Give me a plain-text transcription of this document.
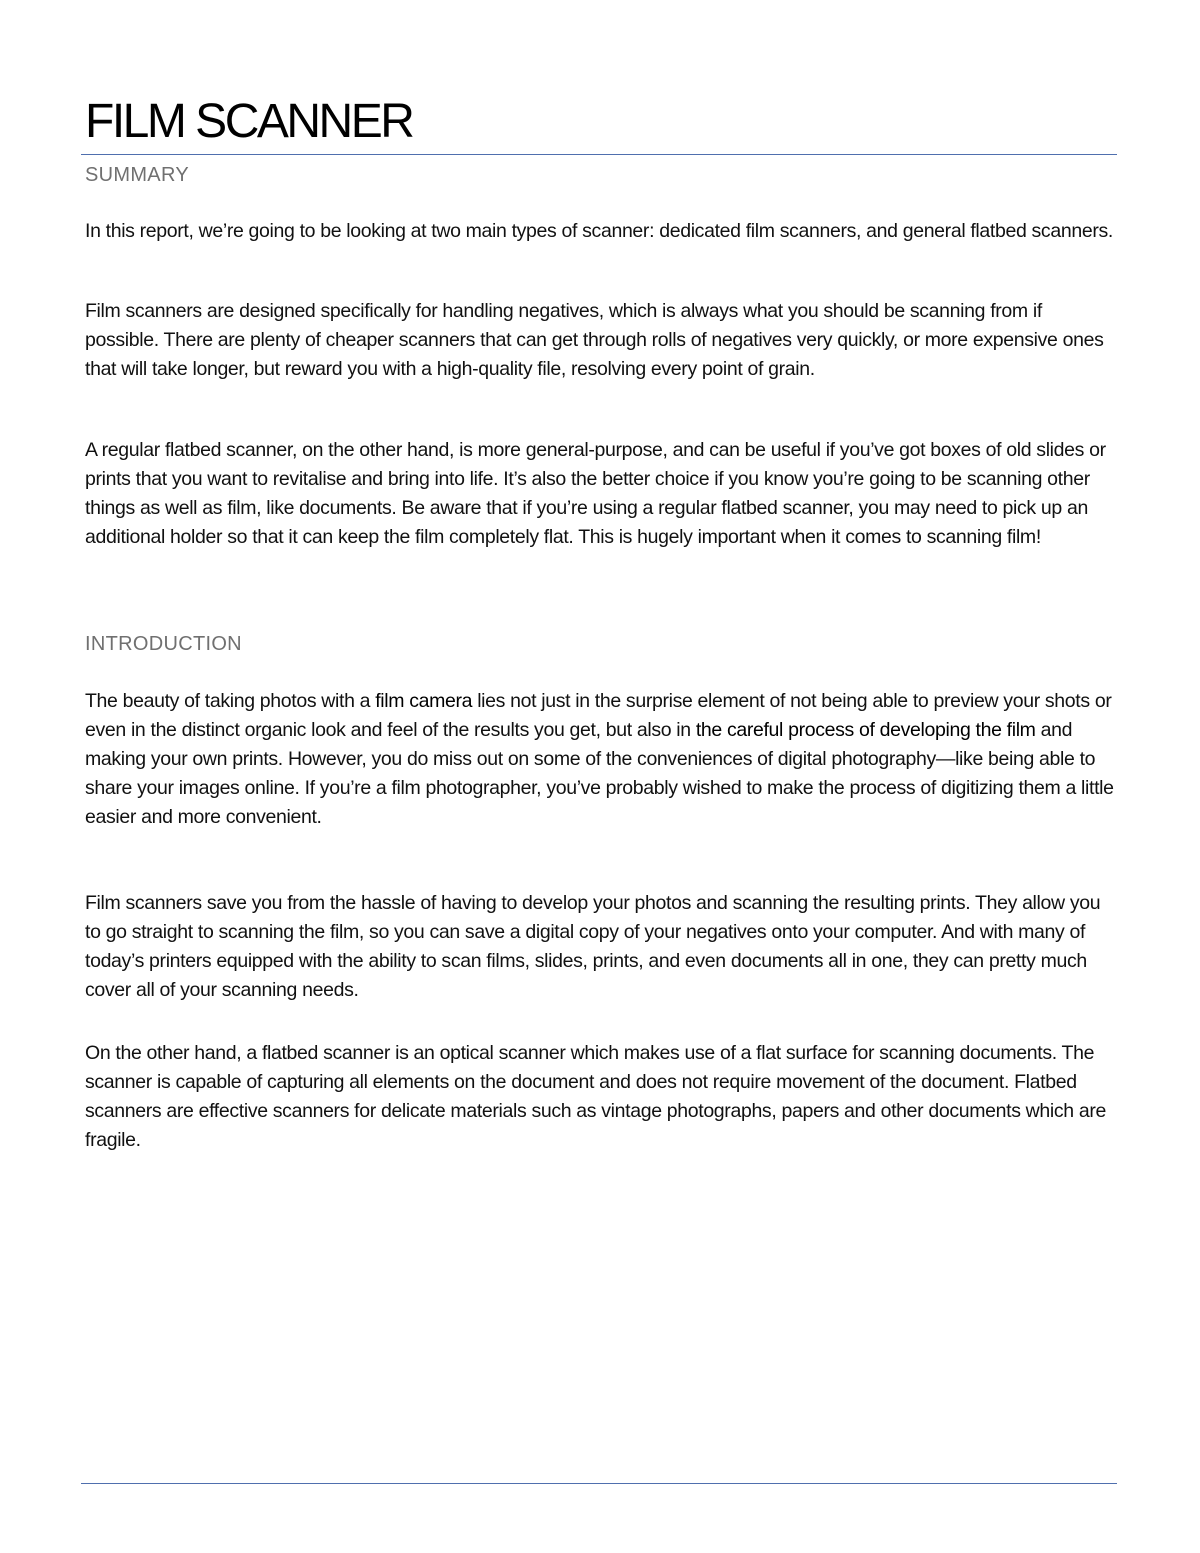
FILM SCANNER
SUMMARY

In this report, we’re going to be looking at two main types of scanner: dedicated film scanners, and general flatbed scanners.

Film scanners are designed specifically for handling negatives, which is always what you should be scanning from if possible. There are plenty of cheaper scanners that can get through rolls of negatives very quickly, or more expensive ones that will take longer, but reward you with a high-quality file, resolving every point of grain.

A regular flatbed scanner, on the other hand, is more general-purpose, and can be useful if you’ve got boxes of old slides or prints that you want to revitalise and bring into life. It’s also the better choice if you know you’re going to be scanning other things as well as film, like documents. Be aware that if you’re using a regular flatbed scanner, you may need to pick up an additional holder so that it can keep the film completely flat. This is hugely important when it comes to scanning film!

INTRODUCTION

The beauty of taking photos with a film camera lies not just in the surprise element of not being able to preview your shots or even in the distinct organic look and feel of the results you get, but also in the careful process of developing the film and making your own prints. However, you do miss out on some of the conveniences of digital photography—like being able to share your images online. If you’re a film photographer, you’ve probably wished to make the process of digitizing them a little easier and more convenient.

Film scanners save you from the hassle of having to develop your photos and scanning the resulting prints. They allow you to go straight to scanning the film, so you can save a digital copy of your negatives onto your computer. And with many of today’s printers equipped with the ability to scan films, slides, prints, and even documents all in one, they can pretty much cover all of your scanning needs.

On the other hand, a flatbed scanner is an optical scanner which makes use of a flat surface for scanning documents. The scanner is capable of capturing all elements on the document and does not require movement of the document. Flatbed scanners are effective scanners for delicate materials such as vintage photographs, papers and other documents which are fragile.
